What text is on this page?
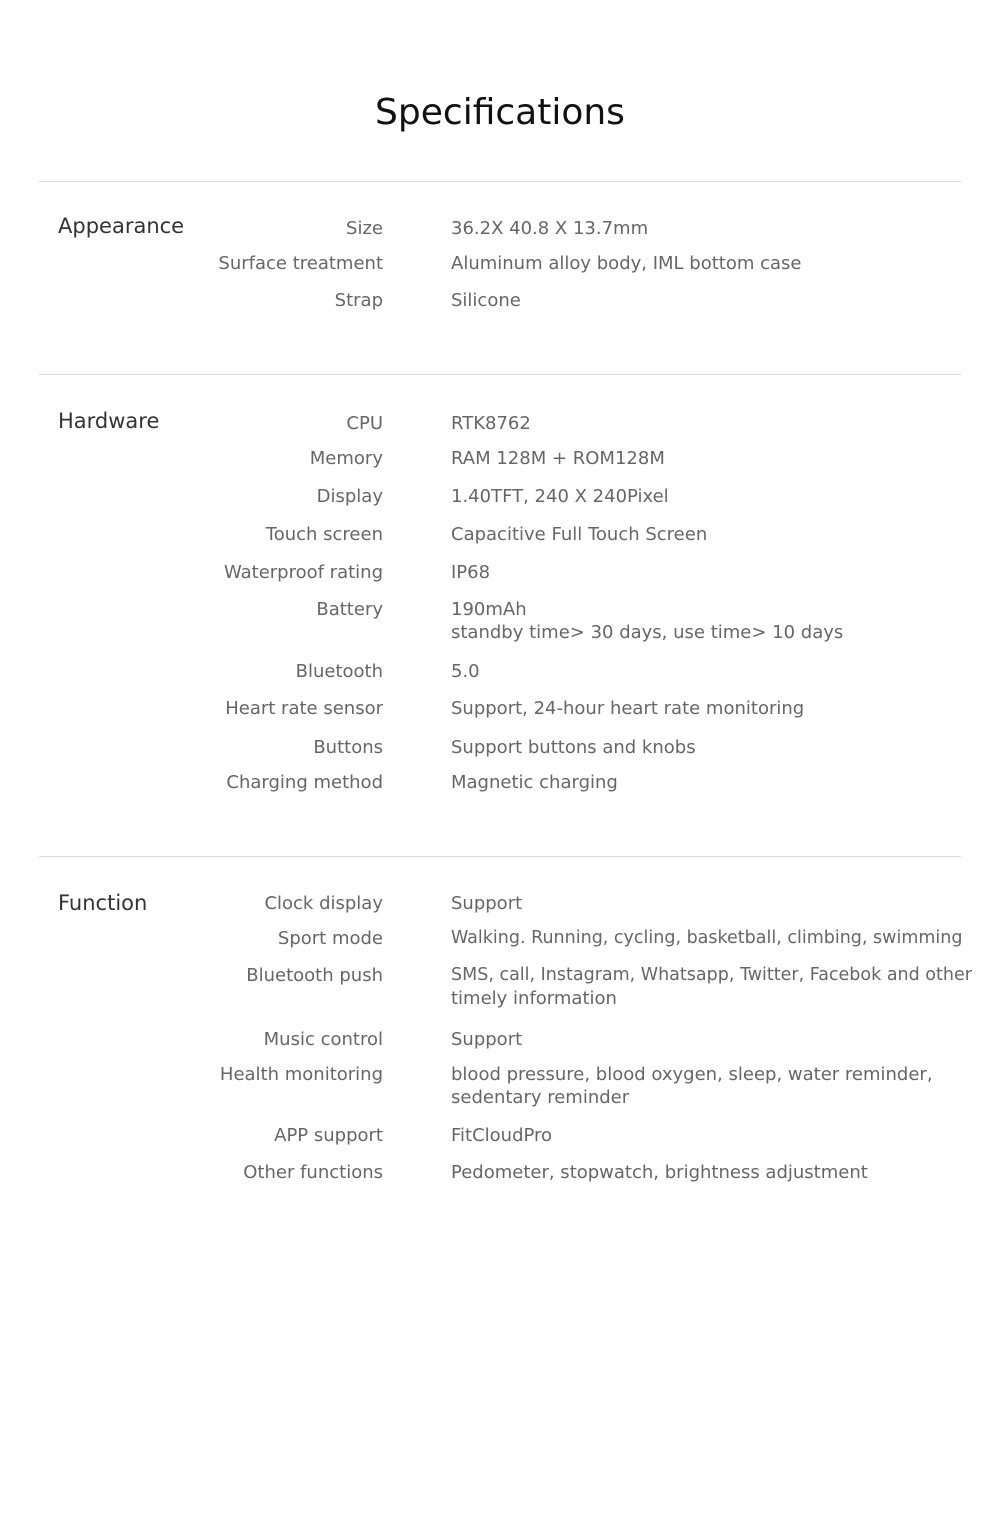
Specifications
Appearance	Size	36.2X 40.8 X 13.7mm
Surface treatment	Aluminum alloy body, IML bottom case
Strap	Silicone
Hardware	CPU	RTK8762
Memory	RAM 128M + ROM128M
Display	1.40TFT, 240 X 240Pixel
Touch screen	Capacitive Full Touch Screen
Waterproof rating	IP68
Battery	190mAh
standby time> 30 days, use time> 10 days
Bluetooth	5.0
Heart rate sensor	Support, 24-hour heart rate monitoring
Buttons	Support buttons and knobs
Charging method	Magnetic charging
Function	Clock display	Support
Sport mode	Walking. Running, cycling, basketball, climbing, swimming
Bluetooth push	SMS, call, Instagram, Whatsapp, Twitter, Facebok and other
timely information
Music control	Support
Health monitoring	blood pressure, blood oxygen, sleep, water reminder,
sedentary reminder
APP support	FitCloudPro
Other functions	Pedometer, stopwatch, brightness adjustment
